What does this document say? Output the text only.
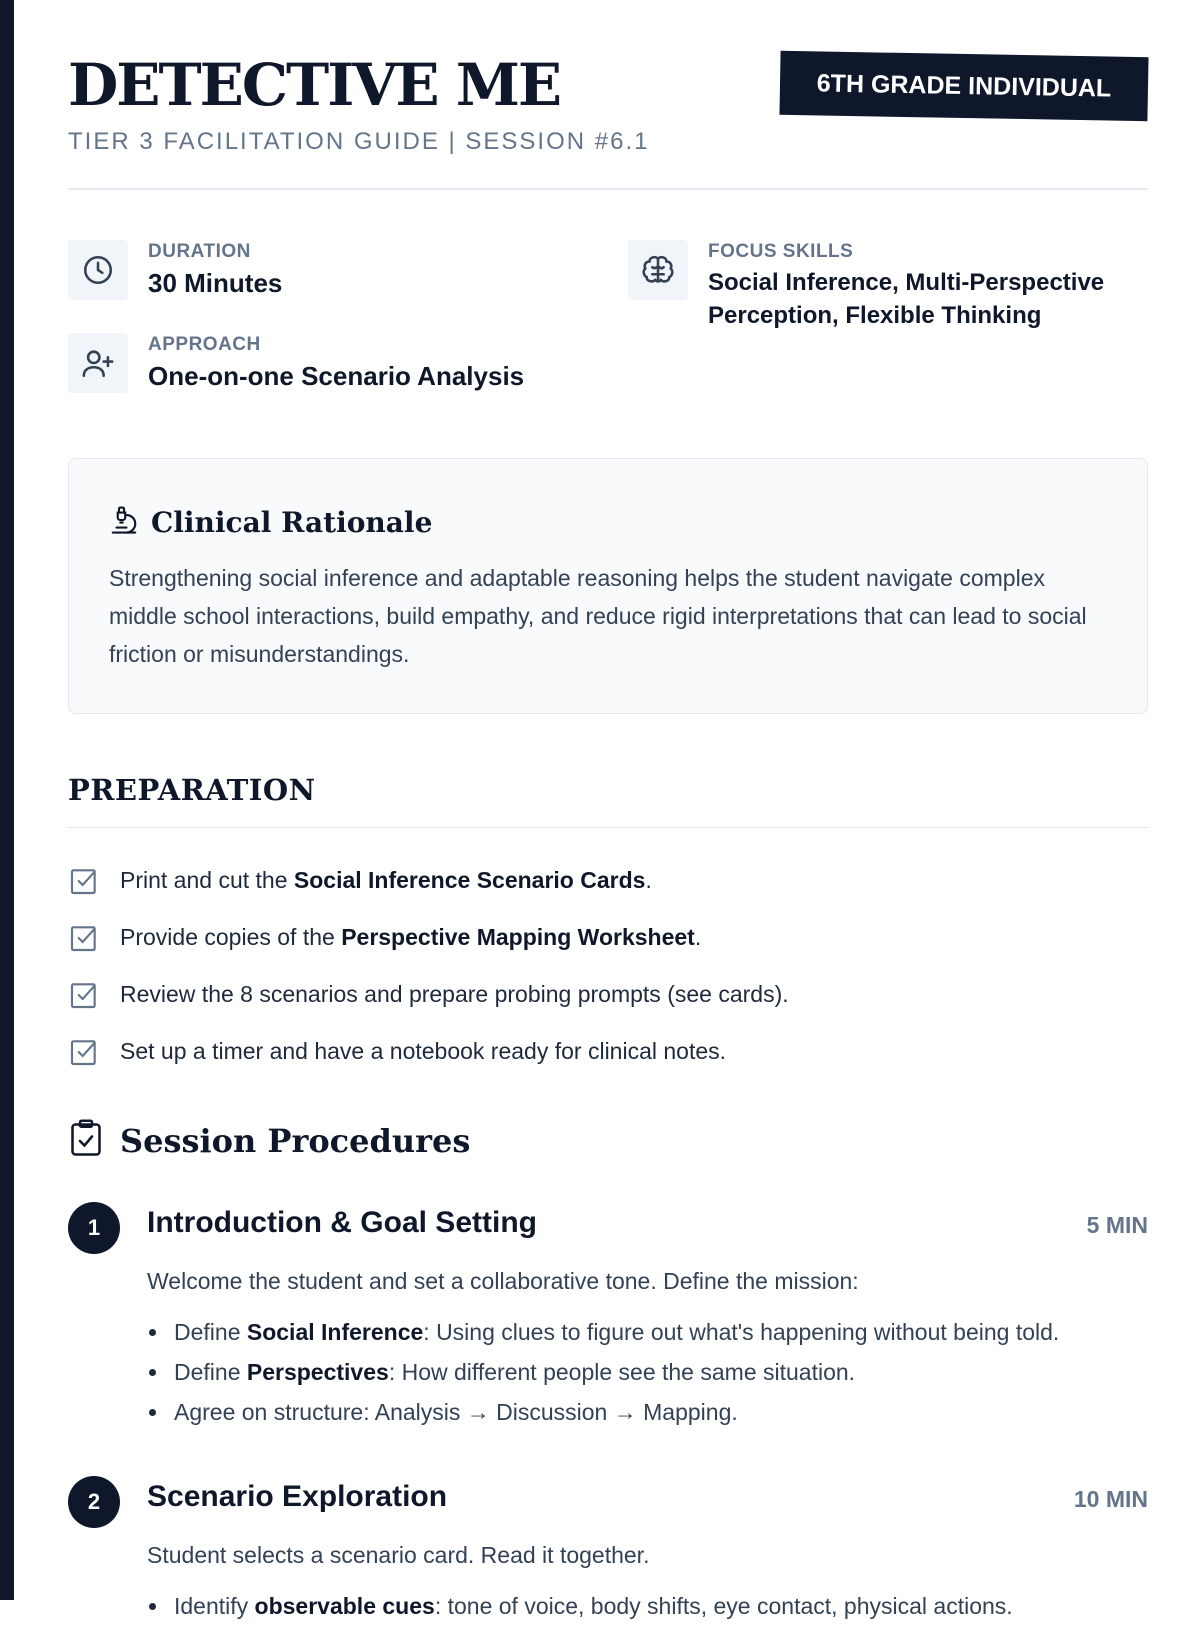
DETECTIVE ME
TIER 3 FACILITATION GUIDE | SESSION #6.1
6TH GRADE INDIVIDUAL
DURATION
30 Minutes
APPROACH
One-on-one Scenario Analysis
FOCUS SKILLS
Social Inference, Multi-Perspective
Perception, Flexible Thinking
Clinical Rationale
Strengthening social inference and adaptable reasoning helps the student navigate complex middle school interactions, build empathy, and reduce rigid interpretations that can lead to social friction or misunderstandings.
PREPARATION
Print and cut the Social Inference Scenario Cards.
Provide copies of the Perspective Mapping Worksheet.
Review the 8 scenarios and prepare probing prompts (see cards).
Set up a timer and have a notebook ready for clinical notes.
Session Procedures
1	Introduction & Goal Setting	5 MIN
Welcome the student and set a collaborative tone. Define the mission:
Define Social Inference: Using clues to figure out what's happening without being told.
Define Perspectives: How different people see the same situation.
Agree on structure: Analysis → Discussion → Mapping.
2	Scenario Exploration	10 MIN
Student selects a scenario card. Read it together.
Identify observable cues: tone of voice, body shifts, eye contact, physical actions.
